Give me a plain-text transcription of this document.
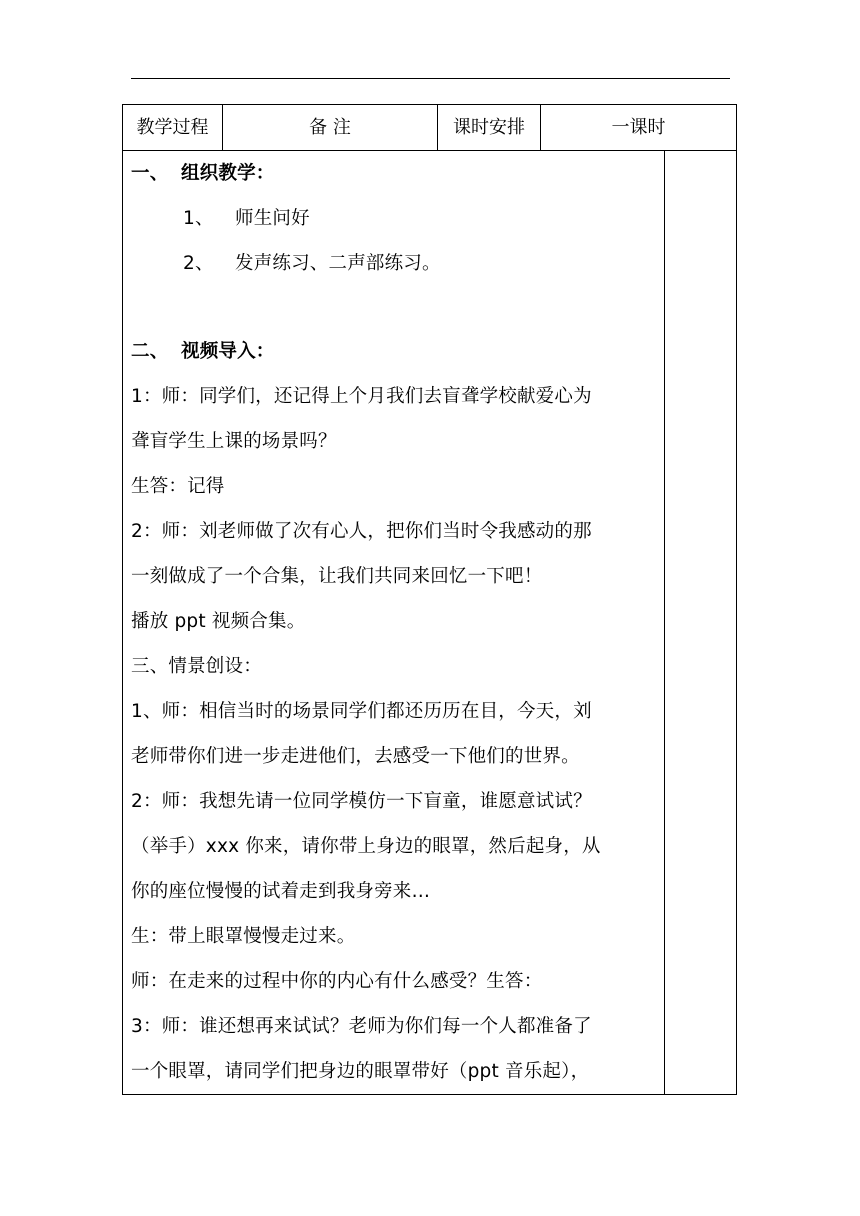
教学过程	备 注	课时安排	一课时

一、 组织教学：

1、 师生问好

2、 发声练习、二声部练习。

二、 视频导入：

1：师：同学们，还记得上个月我们去盲聋学校献爱心为

聋盲学生上课的场景吗？

生答：记得

2：师：刘老师做了次有心人，把你们当时令我感动的那

一刻做成了一个合集，让我们共同来回忆一下吧！

播放 ppt 视频合集。

三、情景创设：

1、师：相信当时的场景同学们都还历历在目，今天，刘

老师带你们进一步走进他们，去感受一下他们的世界。

2：师：我想先请一位同学模仿一下盲童，谁愿意试试？

（举手）xxx 你来，请你带上身边的眼罩，然后起身，从

你的座位慢慢的试着走到我身旁来…

生：带上眼罩慢慢走过来。

师：在走来的过程中你的内心有什么感受？生答：

3：师：谁还想再来试试？老师为你们每一个人都准备了

一个眼罩，请同学们把身边的眼罩带好（ppt 音乐起），
